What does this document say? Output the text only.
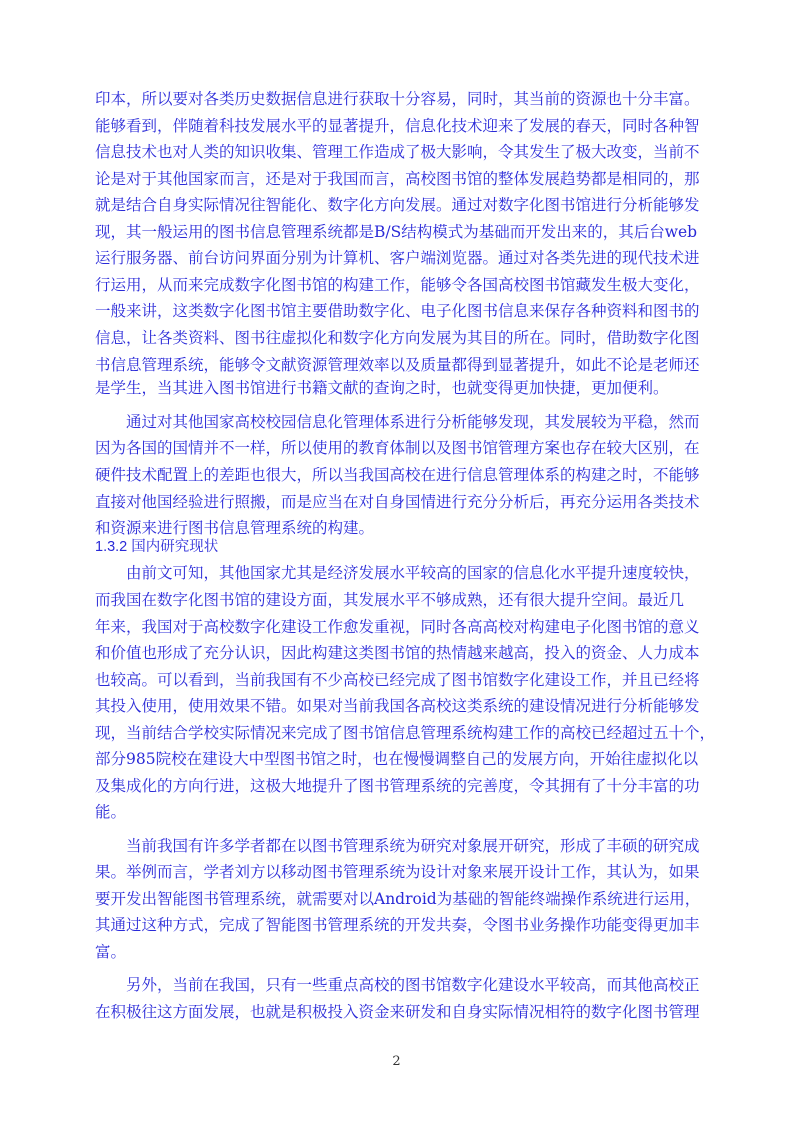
印本，所以要对各类历史数据信息进行获取十分容易，同时，其当前的资源也十分丰富。
能够看到，伴随着科技发展水平的显著提升，信息化技术迎来了发展的春天，同时各种智
信息技术也对人类的知识收集、管理工作造成了极大影响，令其发生了极大改变，当前不
论是对于其他国家而言，还是对于我国而言，高校图书馆的整体发展趋势都是相同的，那
就是结合自身实际情况往智能化、数字化方向发展。通过对数字化图书馆进行分析能够发
现，其一般运用的图书信息管理系统都是B/S结构模式为基础而开发出来的，其后台web
运行服务器、前台访问界面分别为计算机、客户端浏览器。通过对各类先进的现代技术进
行运用，从而来完成数字化图书馆的构建工作，能够令各国高校图书馆藏发生极大变化，
一般来讲，这类数字化图书馆主要借助数字化、电子化图书信息来保存各种资料和图书的
信息，让各类资料、图书往虚拟化和数字化方向发展为其目的所在。同时，借助数字化图
书信息管理系统，能够令文献资源管理效率以及质量都得到显著提升，如此不论是老师还
是学生，当其进入图书馆进行书籍文献的查询之时，也就变得更加快捷，更加便利。
　　通过对其他国家高校校园信息化管理体系进行分析能够发现，其发展较为平稳，然而
因为各国的国情并不一样，所以使用的教育体制以及图书馆管理方案也存在较大区别，在
硬件技术配置上的差距也很大，所以当我国高校在进行信息管理体系的构建之时，不能够
直接对他国经验进行照搬，而是应当在对自身国情进行充分分析后，再充分运用各类技术
和资源来进行图书信息管理系统的构建。
1.3.2 国内研究现状
　　由前文可知，其他国家尤其是经济发展水平较高的国家的信息化水平提升速度较快，
而我国在数字化图书馆的建设方面，其发展水平不够成熟，还有很大提升空间。最近几
年来，我国对于高校数字化建设工作愈发重视，同时各高高校对构建电子化图书馆的意义
和价值也形成了充分认识，因此构建这类图书馆的热情越来越高，投入的资金、人力成本
也较高。可以看到，当前我国有不少高校已经完成了图书馆数字化建设工作，并且已经将
其投入使用，使用效果不错。如果对当前我国各高校这类系统的建设情况进行分析能够发
现，当前结合学校实际情况来完成了图书馆信息管理系统构建工作的高校已经超过五十个，
部分985院校在建设大中型图书馆之时，也在慢慢调整自己的发展方向，开始往虚拟化以
及集成化的方向行进，这极大地提升了图书管理系统的完善度，令其拥有了十分丰富的功
能。
　　当前我国有许多学者都在以图书管理系统为研究对象展开研究，形成了丰硕的研究成
果。举例而言，学者刘方以移动图书管理系统为设计对象来展开设计工作，其认为，如果
要开发出智能图书管理系统，就需要对以Android为基础的智能终端操作系统进行运用，
其通过这种方式，完成了智能图书管理系统的开发共奏，令图书业务操作功能变得更加丰
富。
　　另外，当前在我国，只有一些重点高校的图书馆数字化建设水平较高，而其他高校正
在积极往这方面发展，也就是积极投入资金来研发和自身实际情况相符的数字化图书管理
2
